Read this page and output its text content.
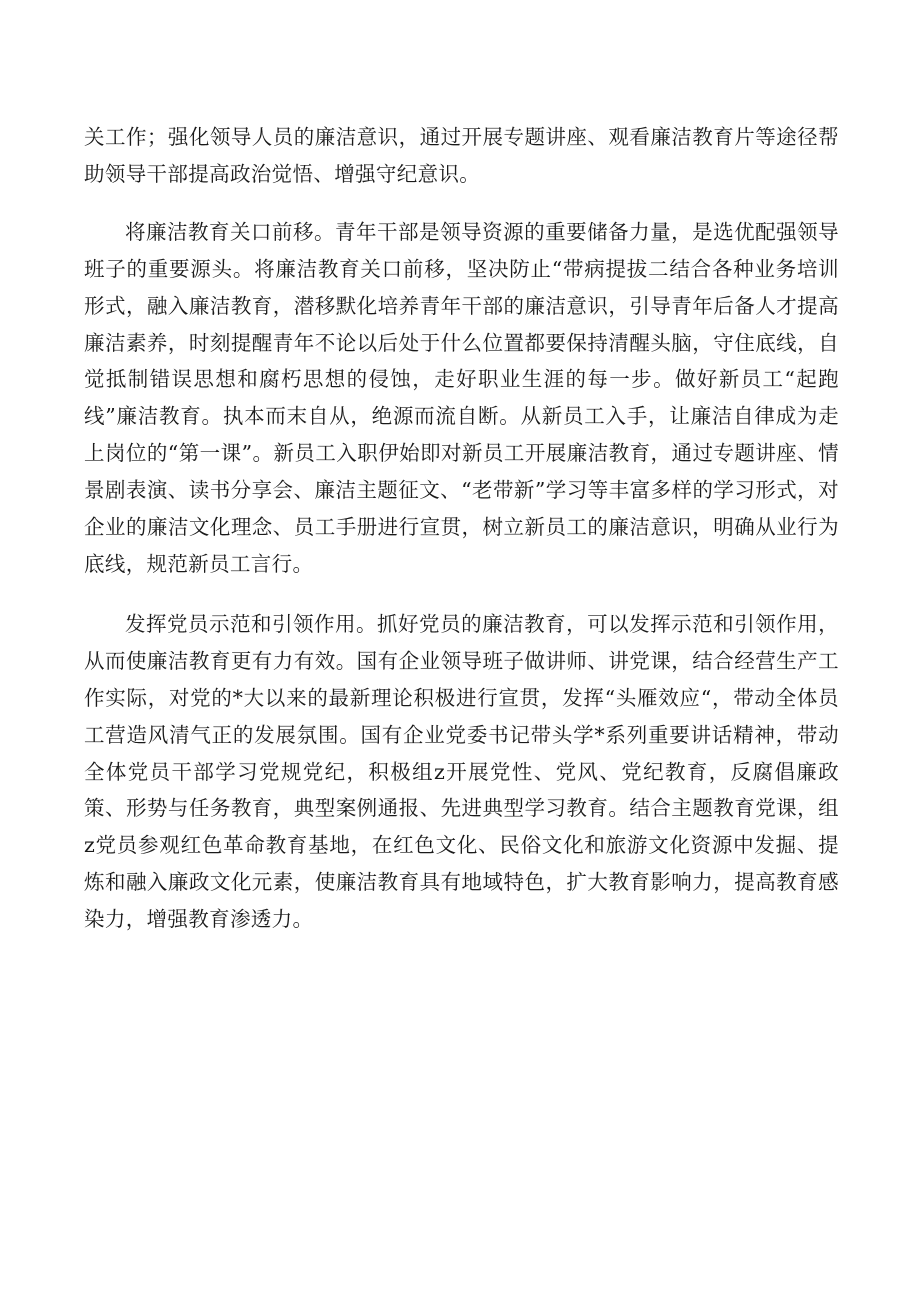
关工作；强化领导人员的廉洁意识，通过开展专题讲座、观看廉洁教育片等途径帮助领导干部提高政治觉悟、增强守纪意识。

将廉洁教育关口前移。青年干部是领导资源的重要储备力量，是选优配强领导班子的重要源头。将廉洁教育关口前移，坚决防止“带病提拔二结合各种业务培训形式，融入廉洁教育，潜移默化培养青年干部的廉洁意识，引导青年后备人才提高廉洁素养，时刻提醒青年不论以后处于什么位置都要保持清醒头脑，守住底线，自觉抵制错误思想和腐朽思想的侵蚀，走好职业生涯的每一步。做好新员工“起跑线”廉洁教育。执本而末自从，绝源而流自断。从新员工入手，让廉洁自律成为走上岗位的“第一课”。新员工入职伊始即对新员工开展廉洁教育，通过专题讲座、情景剧表演、读书分享会、廉洁主题征文、“老带新”学习等丰富多样的学习形式，对企业的廉洁文化理念、员工手册进行宣贯，树立新员工的廉洁意识，明确从业行为底线，规范新员工言行。

发挥党员示范和引领作用。抓好党员的廉洁教育，可以发挥示范和引领作用，从而使廉洁教育更有力有效。国有企业领导班子做讲师、讲党课，结合经营生产工作实际，对党的*大以来的最新理论积极进行宣贯，发挥“头雁效应“，带动全体员工营造风清气正的发展氛围。国有企业党委书记带头学*系列重要讲话精神，带动全体党员干部学习党规党纪，积极组z开展党性、党风、党纪教育，反腐倡廉政策、形势与任务教育，典型案例通报、先进典型学习教育。结合主题教育党课，组z党员参观红色革命教育基地，在红色文化、民俗文化和旅游文化资源中发掘、提炼和融入廉政文化元素，使廉洁教育具有地域特色，扩大教育影响力，提高教育感染力，增强教育渗透力。
